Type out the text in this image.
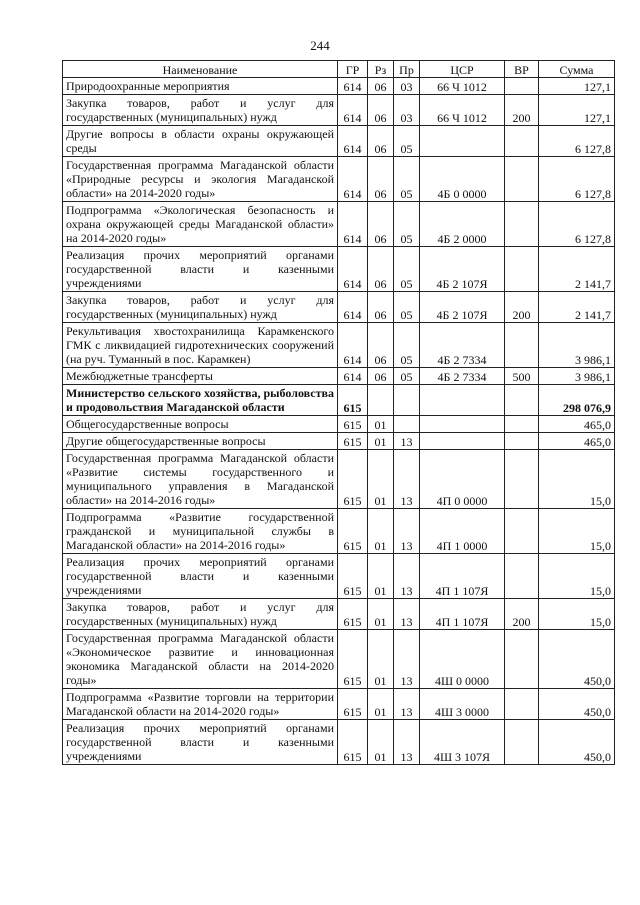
244
Наименование	ГР	Рз	Пр	ЦСР	ВР	Сумма
Природоохранные мероприятия	614	06	03	66 Ч 1012		127,1
Закупка товаров, работ и услуг для государственных (муниципальных) нужд	614	06	03	66 Ч 1012	200	127,1
Другие вопросы в области охраны окружающей среды	614	06	05			6 127,8
Государственная программа Магаданской области «Природные ресурсы и экология Магаданской области» на 2014-2020 годы»	614	06	05	4Б 0 0000		6 127,8
Подпрограмма «Экологическая безопасность и охрана окружающей среды Магаданской области» на 2014-2020 годы»	614	06	05	4Б 2 0000		6 127,8
Реализация прочих мероприятий органами государственной власти и казенными учреждениями	614	06	05	4Б 2 107Я		2 141,7
Закупка товаров, работ и услуг для государственных (муниципальных) нужд	614	06	05	4Б 2 107Я	200	2 141,7
Рекультивация хвостохранилища Карамкенского ГМК с ликвидацией гидротехнических сооружений (на руч. Туманный в пос. Карамкен)	614	06	05	4Б 2 7334		3 986,1
Межбюджетные трансферты	614	06	05	4Б 2 7334	500	3 986,1
Министерство сельского хозяйства, рыболовства и продовольствия Магаданской области	615					298 076,9
Общегосударственные вопросы	615	01				465,0
Другие общегосударственные вопросы	615	01	13			465,0
Государственная программа Магаданской области «Развитие системы государственного и муниципального управления в Магаданской области» на 2014-2016 годы»	615	01	13	4П 0 0000		15,0
Подпрограмма «Развитие государственной гражданской и муниципальной службы в Магаданской области» на 2014-2016 годы»	615	01	13	4П 1 0000		15,0
Реализация прочих мероприятий органами государственной власти и казенными учреждениями	615	01	13	4П 1 107Я		15,0
Закупка товаров, работ и услуг для государственных (муниципальных) нужд	615	01	13	4П 1 107Я	200	15,0
Государственная программа Магаданской области «Экономическое развитие и инновационная экономика Магаданской области на 2014-2020 годы»	615	01	13	4Ш 0 0000		450,0
Подпрограмма «Развитие торговли на территории Магаданской области на 2014-2020 годы»	615	01	13	4Ш 3 0000		450,0
Реализация прочих мероприятий органами государственной власти и казенными учреждениями	615	01	13	4Ш 3 107Я		450,0
